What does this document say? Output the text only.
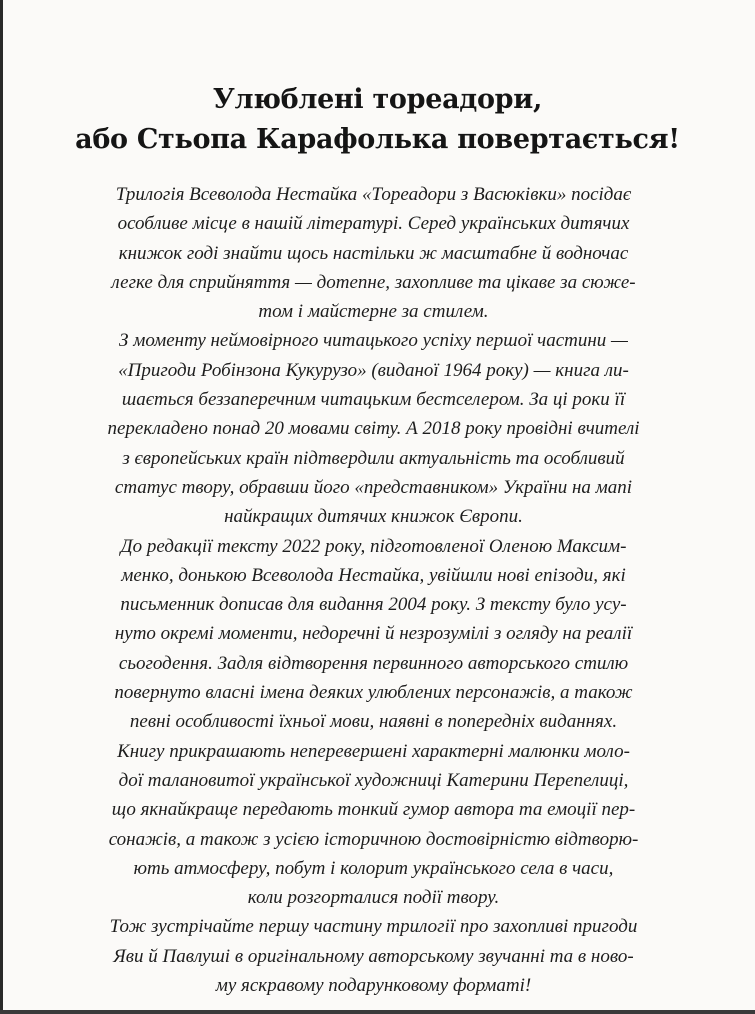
Улюблені тореадори,
або Стьопа Карафолька повертається!
Трилогія Всеволода Нестайка «Тореадори з Васюківки» посідає
особливе місце в нашій літературі. Серед українських дитячих
книжок годі знайти щось настільки ж масштабне й водночас
легке для сприйняття — дотепне, захопливе та цікаве за сюже-
том і майстерне за стилем.
З моменту неймовірного читацького успіху першої частини —
«Пригоди Робінзона Кукурузо» (виданої 1964 року) — книга ли-
шається беззаперечним читацьким бестселером. За ці роки її
перекладено понад 20 мовами світу. А 2018 року провідні вчителі
з європейських країн підтвердили актуальність та особливий
статус твору, обравши його «представником» України на мапі
найкращих дитячих книжок Європи.
До редакції тексту 2022 року, підготовленої Оленою Максим-
менко, донькою Всеволода Нестайка, увійшли нові епізоди, які
письменник дописав для видання 2004 року. З тексту було усу-
нуто окремі моменти, недоречні й незрозумілі з огляду на реалії
сьогодення. Задля відтворення первинного авторського стилю
повернуто власні імена деяких улюблених персонажів, а також
певні особливості їхньої мови, наявні в попередніх виданнях.
Книгу прикрашають неперевершені характерні малюнки моло-
дої талановитої української художниці Катерини Перепелиці,
що якнайкраще передають тонкий гумор автора та емоції пер-
сонажів, а також з усією історичною достовірністю відтворю-
ють атмосферу, побут і колорит українського села в часи,
коли розгорталися події твору.
Тож зустрічайте першу частину трилогії про захопливі пригоди
Яви й Павлуші в оригінальному авторському звучанні та в ново-
му яскравому подарунковому форматі!
